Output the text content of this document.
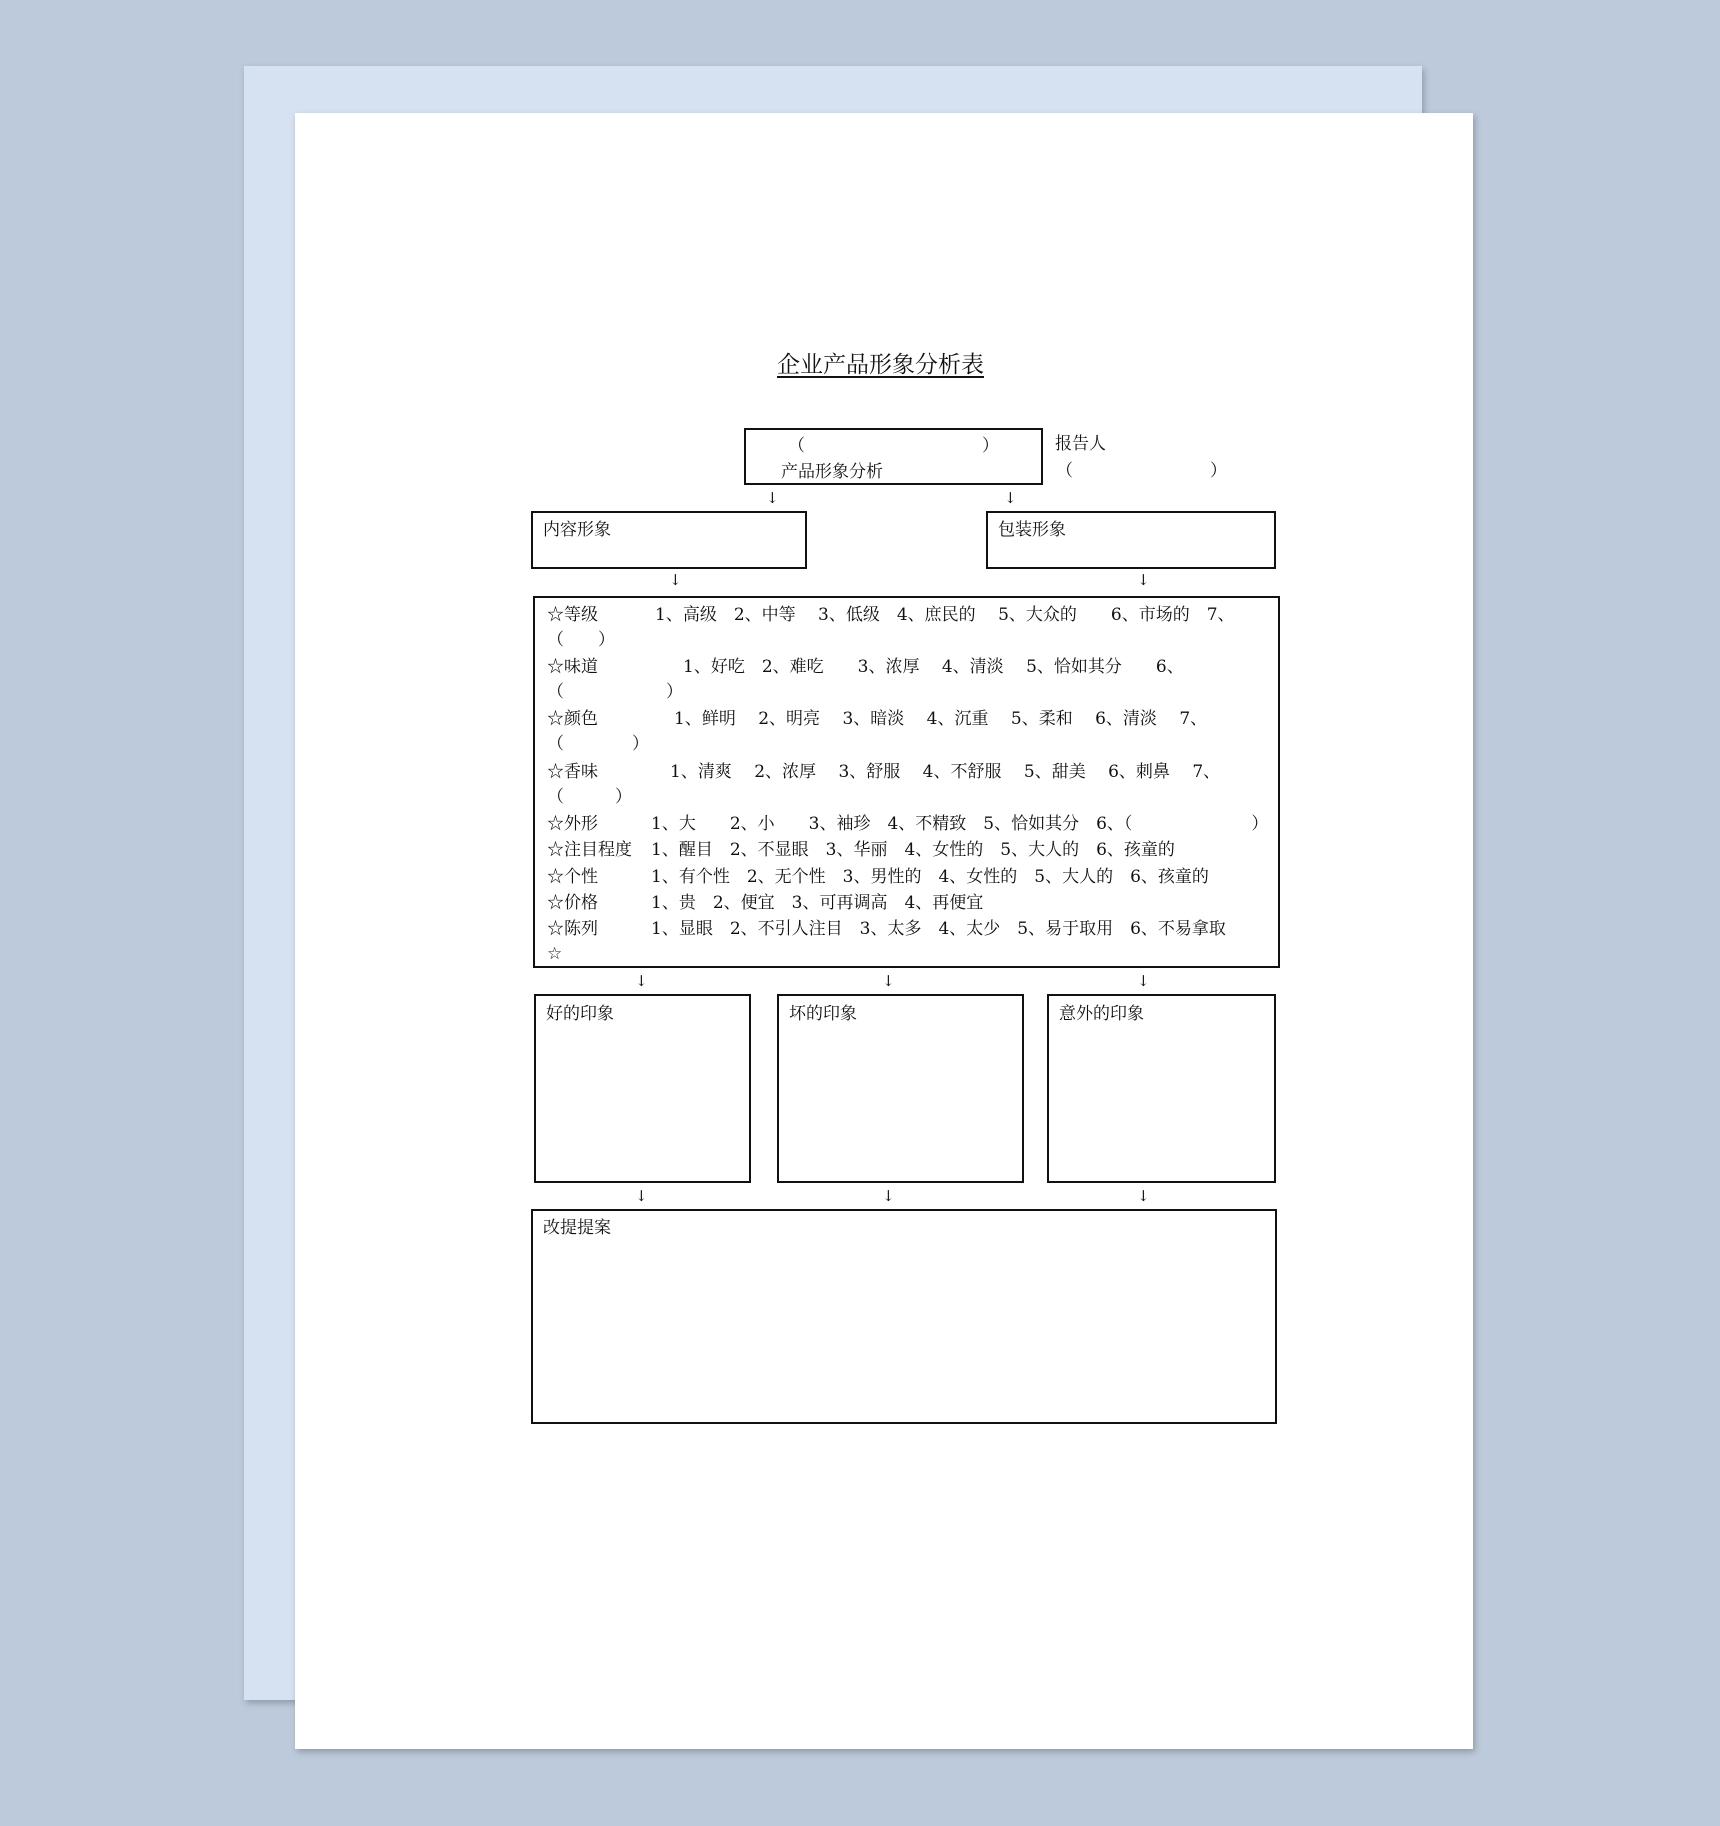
企业产品形象分析表
（	）
产品形象分析
报告人
（	）
↓	↓
内容形象	包装形象
↓	↓
☆等级	1、高级　2、中等　 3、低级　4、庶民的　 5、大众的　　6、市场的　7、
（　　）
☆味道	1、好吃　2、难吃　　3、浓厚　 4、清淡　 5、恰如其分　　6、
（　　　　　　）
☆颜色	1、鲜明　 2、明亮　 3、暗淡　 4、沉重　 5、柔和　 6、清淡　 7、
（　　　　）
☆香味	1、清爽　 2、浓厚　 3、舒服　 4、不舒服　 5、甜美　 6、刺鼻　 7、
（　　　）
☆外形	1、大　　2、小　　3、袖珍　4、不精致　5、恰如其分　6、（　　　　　　　）
☆注目程度 1、醒目　2、不显眼　3、华丽　4、女性的　5、大人的　6、孩童的
☆个性	1、有个性　2、无个性　3、男性的　4、女性的　5、大人的　6、孩童的
☆价格	1、贵　2、便宜　3、可再调高　4、再便宜
☆陈列	1、显眼　2、不引人注目　3、太多　4、太少　5、易于取用　6、不易拿取
☆
↓	↓	↓
好的印象	坏的印象	意外的印象
↓	↓	↓
改提提案
